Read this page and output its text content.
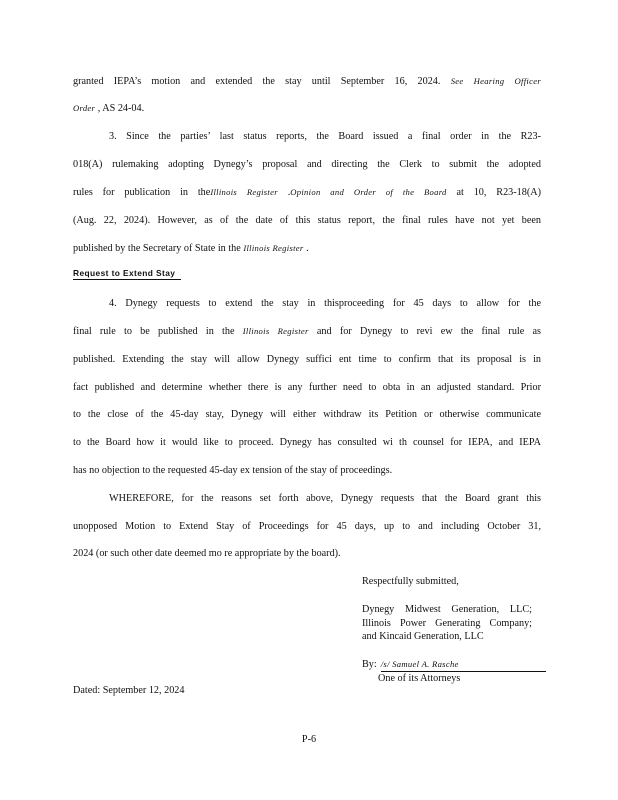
granted IEPA’s motion and extended the stay until September 16, 2024. See Hearing Officer
Order , AS 24-04.
3. Since the parties’ last status reports, the Board issued a final order in the R23-
018(A) rulemaking adopting Dynegy’s proposal and directing the Clerk to submit the adopted
rules for publication in theIllinois Register .Opinion and Order of the Board at 10, R23-18(A)
(Aug. 22, 2024). However, as of the date of this status report, the final rules have not yet been
published by the Secretary of State in the Illinois Register .
Request to Extend Stay
4. Dynegy requests to extend the stay in thisproceeding for 45 days to allow for the
final rule to be published in the Illinois Register and for Dynegy to revi ew the final rule as
published. Extending the stay will allow Dynegy suffici ent time to confirm that its proposal is in
fact published and determine whether there is any further need to obta in an adjusted standard. Prior
to the close of the 45-day stay, Dynegy will either withdraw its Petition or otherwise communicate
to the Board how it would like to proceed. Dynegy has consulted wi th counsel for IEPA, and IEPA
has no objection to the requested 45-day ex tension of the stay of proceedings.
WHEREFORE, for the reasons set forth above, Dynegy requests that the Board grant this
unopposed Motion to Extend Stay of Proceedings for 45 days, up to and including October 31,
2024 (or such other date deemed mo re appropriate by the board).
Respectfully submitted,
Dynegy Midwest Generation, LLC;
Illinois Power Generating Company;
and Kincaid Generation, LLC
By: /s/ Samuel A. Rasche
One of its Attorneys
Dated: September 12, 2024
P-6
